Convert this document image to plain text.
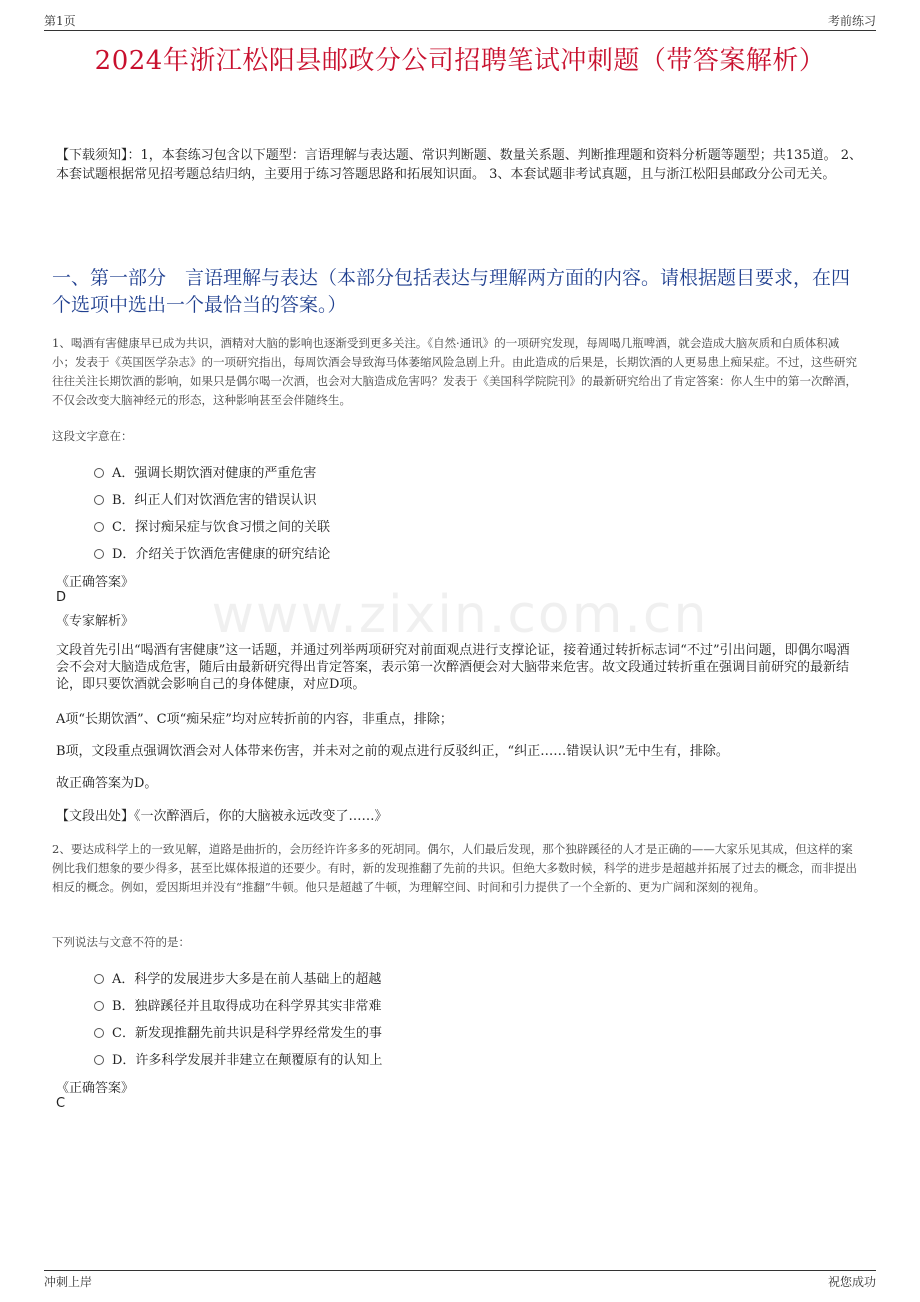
第1页	考前练习
2024年浙江松阳县邮政分公司招聘笔试冲刺题（带答案解析）
【下载须知】：1，本套练习包含以下题型：言语理解与表达题、常识判断题、数量关系题、判断推理题和资料分析题等题型；共135道。 2、本套试题根据常见招考题总结归纳，主要用于练习答题思路和拓展知识面。 3、本套试题非考试真题，且与浙江松阳县邮政分公司无关。
一、第一部分　言语理解与表达（本部分包括表达与理解两方面的内容。请根据题目要求，在四个选项中选出一个最恰当的答案。）
www.zixin.com.cn
1、喝酒有害健康早已成为共识，酒精对大脑的影响也逐渐受到更多关注。《自然·通讯》的一项研究发现，每周喝几瓶啤酒，就会造成大脑灰质和白质体积减小；发表于《英国医学杂志》的一项研究指出，每周饮酒会导致海马体萎缩风险急剧上升。由此造成的后果是，长期饮酒的人更易患上痴呆症。不过，这些研究往往关注长期饮酒的影响，如果只是偶尔喝一次酒，也会对大脑造成危害吗？发表于《美国科学院院刊》的最新研究给出了肯定答案：你人生中的第一次醉酒，不仅会改变大脑神经元的形态，这种影响甚至会伴随终生。
这段文字意在：
A．强调长期饮酒对健康的严重危害
B．纠正人们对饮酒危害的错误认识
C．探讨痴呆症与饮食习惯之间的关联
D．介绍关于饮酒危害健康的研究结论
《正确答案》
D
《专家解析》
文段首先引出“喝酒有害健康”这一话题，并通过列举两项研究对前面观点进行支撑论证，接着通过转折标志词“不过”引出问题，即偶尔喝酒会不会对大脑造成危害，随后由最新研究得出肯定答案，表示第一次醉酒便会对大脑带来危害。故文段通过转折重在强调目前研究的最新结论，即只要饮酒就会影响自己的身体健康，对应D项。
A项“长期饮酒”、C项“痴呆症”均对应转折前的内容，非重点，排除；
B项，文段重点强调饮酒会对人体带来伤害，并未对之前的观点进行反驳纠正，“纠正……错误认识”无中生有，排除。
故正确答案为D。
【文段出处】《一次醉酒后，你的大脑被永远改变了……》
2、要达成科学上的一致见解，道路是曲折的，会历经许许多多的死胡同。偶尔，人们最后发现，那个独辟蹊径的人才是正确的——大家乐见其成，但这样的案例比我们想象的要少得多，甚至比媒体报道的还要少。有时，新的发现推翻了先前的共识。但绝大多数时候，科学的进步是超越并拓展了过去的概念，而非提出相反的概念。例如，爱因斯坦并没有“推翻”牛顿。他只是超越了牛顿，为理解空间、时间和引力提供了一个全新的、更为广阔和深刻的视角。
下列说法与文意不符的是：
A．科学的发展进步大多是在前人基础上的超越
B．独辟蹊径并且取得成功在科学界其实非常难
C．新发现推翻先前共识是科学界经常发生的事
D．许多科学发展并非建立在颠覆原有的认知上
《正确答案》
C
冲刺上岸	祝您成功
